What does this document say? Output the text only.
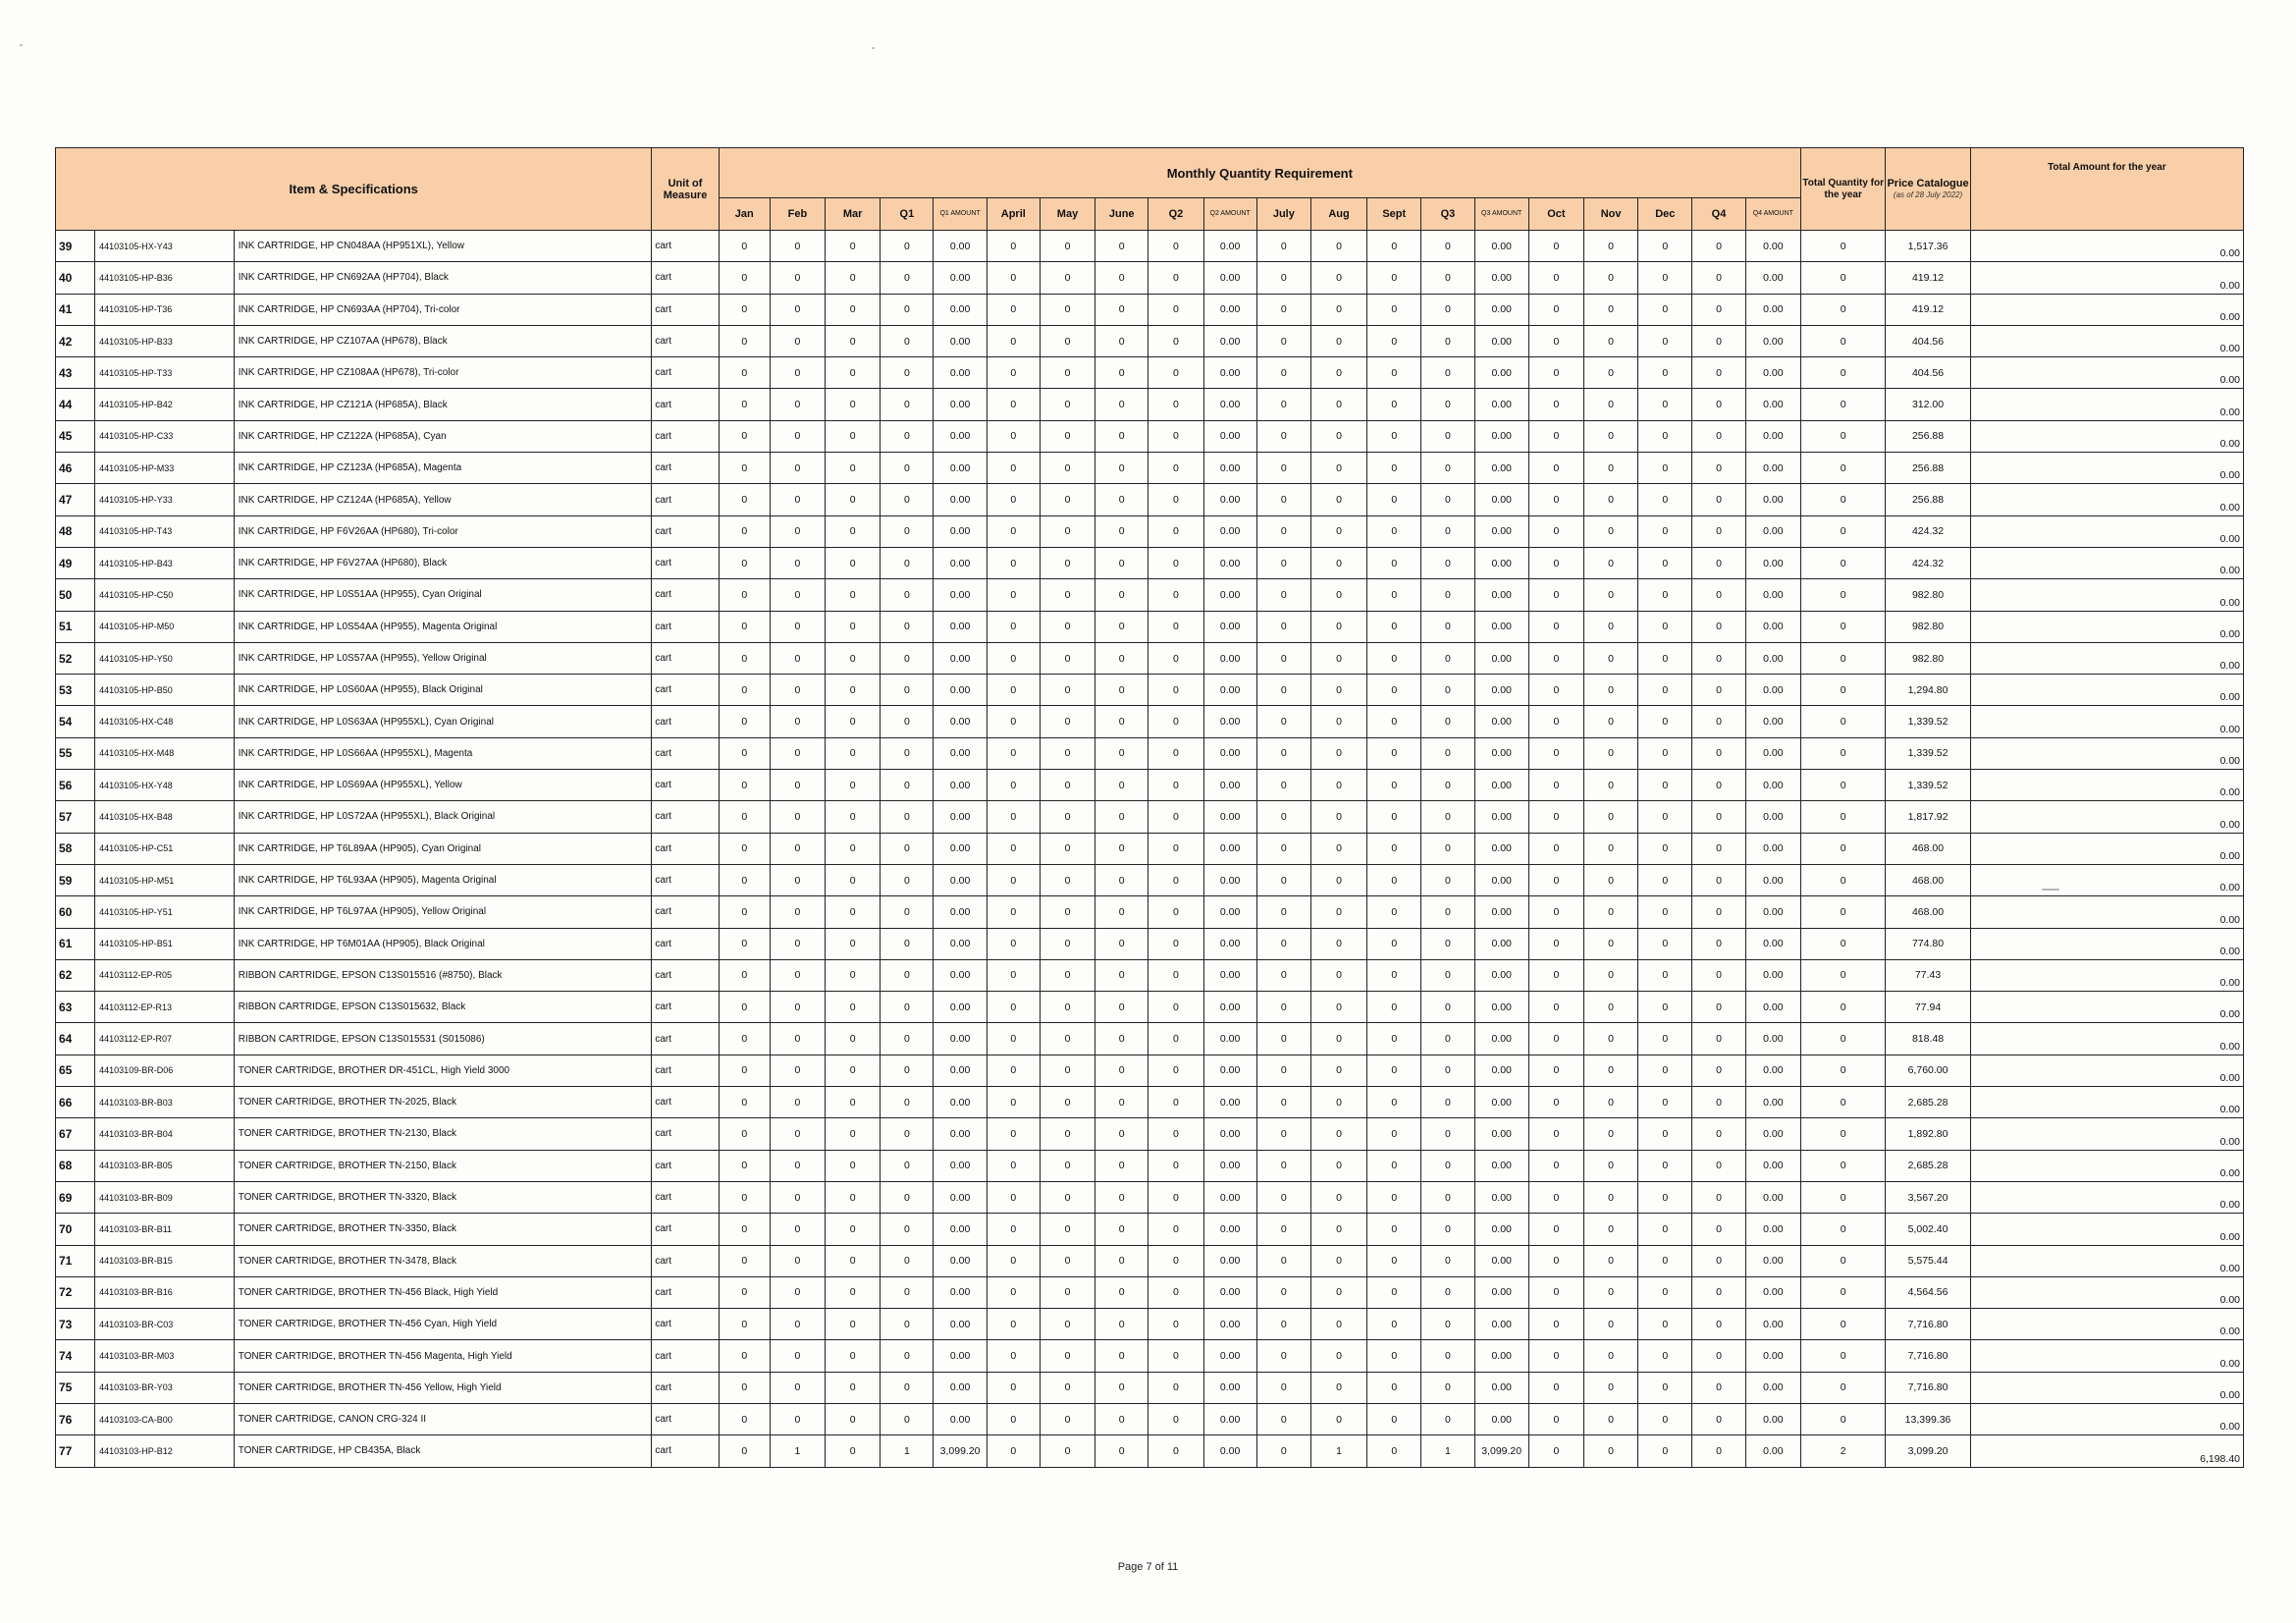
Item & Specifications			Unit of Measure	Monthly Quantity Requirement																				Total Quantity for the year	Price Catalogue
(as of 28 July 2022)	Total Amount for the year
				Jan	Feb	Mar	Q1	Q1 AMOUNT	April	May	June	Q2	Q2 AMOUNT	July	Aug	Sept	Q3	Q3 AMOUNT	Oct	Nov	Dec	Q4	Q4 AMOUNT			
39	44103105-HX-Y43	INK CARTRIDGE, HP CN048AA (HP951XL), Yellow	cart	0	0	0	0	0.00	0	0	0	0	0.00	0	0	0	0	0.00	0	0	0	0	0.00	0	1,517.36	0.00
40	44103105-HP-B36	INK CARTRIDGE, HP CN692AA (HP704), Black	cart	0	0	0	0	0.00	0	0	0	0	0.00	0	0	0	0	0.00	0	0	0	0	0.00	0	419.12	0.00
41	44103105-HP-T36	INK CARTRIDGE, HP CN693AA (HP704), Tri-color	cart	0	0	0	0	0.00	0	0	0	0	0.00	0	0	0	0	0.00	0	0	0	0	0.00	0	419.12	0.00
42	44103105-HP-B33	INK CARTRIDGE, HP CZ107AA (HP678), Black	cart	0	0	0	0	0.00	0	0	0	0	0.00	0	0	0	0	0.00	0	0	0	0	0.00	0	404.56	0.00
43	44103105-HP-T33	INK CARTRIDGE, HP CZ108AA (HP678), Tri-color	cart	0	0	0	0	0.00	0	0	0	0	0.00	0	0	0	0	0.00	0	0	0	0	0.00	0	404.56	0.00
44	44103105-HP-B42	INK CARTRIDGE, HP CZ121A (HP685A), Black	cart	0	0	0	0	0.00	0	0	0	0	0.00	0	0	0	0	0.00	0	0	0	0	0.00	0	312.00	0.00
45	44103105-HP-C33	INK CARTRIDGE, HP CZ122A (HP685A), Cyan	cart	0	0	0	0	0.00	0	0	0	0	0.00	0	0	0	0	0.00	0	0	0	0	0.00	0	256.88	0.00
46	44103105-HP-M33	INK CARTRIDGE, HP CZ123A (HP685A), Magenta	cart	0	0	0	0	0.00	0	0	0	0	0.00	0	0	0	0	0.00	0	0	0	0	0.00	0	256.88	0.00
47	44103105-HP-Y33	INK CARTRIDGE, HP CZ124A (HP685A), Yellow	cart	0	0	0	0	0.00	0	0	0	0	0.00	0	0	0	0	0.00	0	0	0	0	0.00	0	256.88	0.00
48	44103105-HP-T43	INK CARTRIDGE, HP F6V26AA (HP680), Tri-color	cart	0	0	0	0	0.00	0	0	0	0	0.00	0	0	0	0	0.00	0	0	0	0	0.00	0	424.32	0.00
49	44103105-HP-B43	INK CARTRIDGE, HP F6V27AA (HP680), Black	cart	0	0	0	0	0.00	0	0	0	0	0.00	0	0	0	0	0.00	0	0	0	0	0.00	0	424.32	0.00
50	44103105-HP-C50	INK CARTRIDGE, HP L0S51AA (HP955), Cyan Original	cart	0	0	0	0	0.00	0	0	0	0	0.00	0	0	0	0	0.00	0	0	0	0	0.00	0	982.80	0.00
51	44103105-HP-M50	INK CARTRIDGE, HP L0S54AA (HP955), Magenta Original	cart	0	0	0	0	0.00	0	0	0	0	0.00	0	0	0	0	0.00	0	0	0	0	0.00	0	982.80	0.00
52	44103105-HP-Y50	INK CARTRIDGE, HP L0S57AA (HP955), Yellow Original	cart	0	0	0	0	0.00	0	0	0	0	0.00	0	0	0	0	0.00	0	0	0	0	0.00	0	982.80	0.00
53	44103105-HP-B50	INK CARTRIDGE, HP L0S60AA (HP955), Black Original	cart	0	0	0	0	0.00	0	0	0	0	0.00	0	0	0	0	0.00	0	0	0	0	0.00	0	1,294.80	0.00
54	44103105-HX-C48	INK CARTRIDGE, HP L0S63AA (HP955XL), Cyan Original	cart	0	0	0	0	0.00	0	0	0	0	0.00	0	0	0	0	0.00	0	0	0	0	0.00	0	1,339.52	0.00
55	44103105-HX-M48	INK CARTRIDGE, HP L0S66AA (HP955XL), Magenta	cart	0	0	0	0	0.00	0	0	0	0	0.00	0	0	0	0	0.00	0	0	0	0	0.00	0	1,339.52	0.00
56	44103105-HX-Y48	INK CARTRIDGE, HP L0S69AA (HP955XL), Yellow	cart	0	0	0	0	0.00	0	0	0	0	0.00	0	0	0	0	0.00	0	0	0	0	0.00	0	1,339.52	0.00
57	44103105-HX-B48	INK CARTRIDGE, HP L0S72AA (HP955XL), Black Original	cart	0	0	0	0	0.00	0	0	0	0	0.00	0	0	0	0	0.00	0	0	0	0	0.00	0	1,817.92	0.00
58	44103105-HP-C51	INK CARTRIDGE, HP T6L89AA (HP905), Cyan Original	cart	0	0	0	0	0.00	0	0	0	0	0.00	0	0	0	0	0.00	0	0	0	0	0.00	0	468.00	0.00
59	44103105-HP-M51	INK CARTRIDGE, HP T6L93AA (HP905), Magenta Original	cart	0	0	0	0	0.00	0	0	0	0	0.00	0	0	0	0	0.00	0	0	0	0	0.00	0	468.00	0.00
60	44103105-HP-Y51	INK CARTRIDGE, HP T6L97AA (HP905), Yellow Original	cart	0	0	0	0	0.00	0	0	0	0	0.00	0	0	0	0	0.00	0	0	0	0	0.00	0	468.00	0.00
61	44103105-HP-B51	INK CARTRIDGE, HP T6M01AA (HP905), Black Original	cart	0	0	0	0	0.00	0	0	0	0	0.00	0	0	0	0	0.00	0	0	0	0	0.00	0	774.80	0.00
62	44103112-EP-R05	RIBBON CARTRIDGE, EPSON C13S015516 (#8750), Black	cart	0	0	0	0	0.00	0	0	0	0	0.00	0	0	0	0	0.00	0	0	0	0	0.00	0	77.43	0.00
63	44103112-EP-R13	RIBBON CARTRIDGE, EPSON C13S015632, Black	cart	0	0	0	0	0.00	0	0	0	0	0.00	0	0	0	0	0.00	0	0	0	0	0.00	0	77.94	0.00
64	44103112-EP-R07	RIBBON CARTRIDGE, EPSON C13S015531 (S015086)	cart	0	0	0	0	0.00	0	0	0	0	0.00	0	0	0	0	0.00	0	0	0	0	0.00	0	818.48	0.00
65	44103109-BR-D06	TONER CARTRIDGE, BROTHER DR-451CL, High Yield 3000	cart	0	0	0	0	0.00	0	0	0	0	0.00	0	0	0	0	0.00	0	0	0	0	0.00	0	6,760.00	0.00
66	44103103-BR-B03	TONER CARTRIDGE, BROTHER TN-2025, Black	cart	0	0	0	0	0.00	0	0	0	0	0.00	0	0	0	0	0.00	0	0	0	0	0.00	0	2,685.28	0.00
67	44103103-BR-B04	TONER CARTRIDGE, BROTHER TN-2130, Black	cart	0	0	0	0	0.00	0	0	0	0	0.00	0	0	0	0	0.00	0	0	0	0	0.00	0	1,892.80	0.00
68	44103103-BR-B05	TONER CARTRIDGE, BROTHER TN-2150, Black	cart	0	0	0	0	0.00	0	0	0	0	0.00	0	0	0	0	0.00	0	0	0	0	0.00	0	2,685.28	0.00
69	44103103-BR-B09	TONER CARTRIDGE, BROTHER TN-3320, Black	cart	0	0	0	0	0.00	0	0	0	0	0.00	0	0	0	0	0.00	0	0	0	0	0.00	0	3,567.20	0.00
70	44103103-BR-B11	TONER CARTRIDGE, BROTHER TN-3350, Black	cart	0	0	0	0	0.00	0	0	0	0	0.00	0	0	0	0	0.00	0	0	0	0	0.00	0	5,002.40	0.00
71	44103103-BR-B15	TONER CARTRIDGE, BROTHER TN-3478, Black	cart	0	0	0	0	0.00	0	0	0	0	0.00	0	0	0	0	0.00	0	0	0	0	0.00	0	5,575.44	0.00
72	44103103-BR-B16	TONER CARTRIDGE, BROTHER TN-456 Black, High Yield	cart	0	0	0	0	0.00	0	0	0	0	0.00	0	0	0	0	0.00	0	0	0	0	0.00	0	4,564.56	0.00
73	44103103-BR-C03	TONER CARTRIDGE, BROTHER TN-456 Cyan, High Yield	cart	0	0	0	0	0.00	0	0	0	0	0.00	0	0	0	0	0.00	0	0	0	0	0.00	0	7,716.80	0.00
74	44103103-BR-M03	TONER CARTRIDGE, BROTHER TN-456 Magenta, High Yield	cart	0	0	0	0	0.00	0	0	0	0	0.00	0	0	0	0	0.00	0	0	0	0	0.00	0	7,716.80	0.00
75	44103103-BR-Y03	TONER CARTRIDGE, BROTHER TN-456 Yellow, High Yield	cart	0	0	0	0	0.00	0	0	0	0	0.00	0	0	0	0	0.00	0	0	0	0	0.00	0	7,716.80	0.00
76	44103103-CA-B00	TONER CARTRIDGE, CANON CRG-324 II	cart	0	0	0	0	0.00	0	0	0	0	0.00	0	0	0	0	0.00	0	0	0	0	0.00	0	13,399.36	0.00
77	44103103-HP-B12	TONER CARTRIDGE, HP CB435A, Black	cart	0	1	0	1	3,099.20	0	0	0	0	0.00	0	1	0	1	3,099.20	0	0	0	0	0.00	2	3,099.20	6,198.40
Page 7 of 11
